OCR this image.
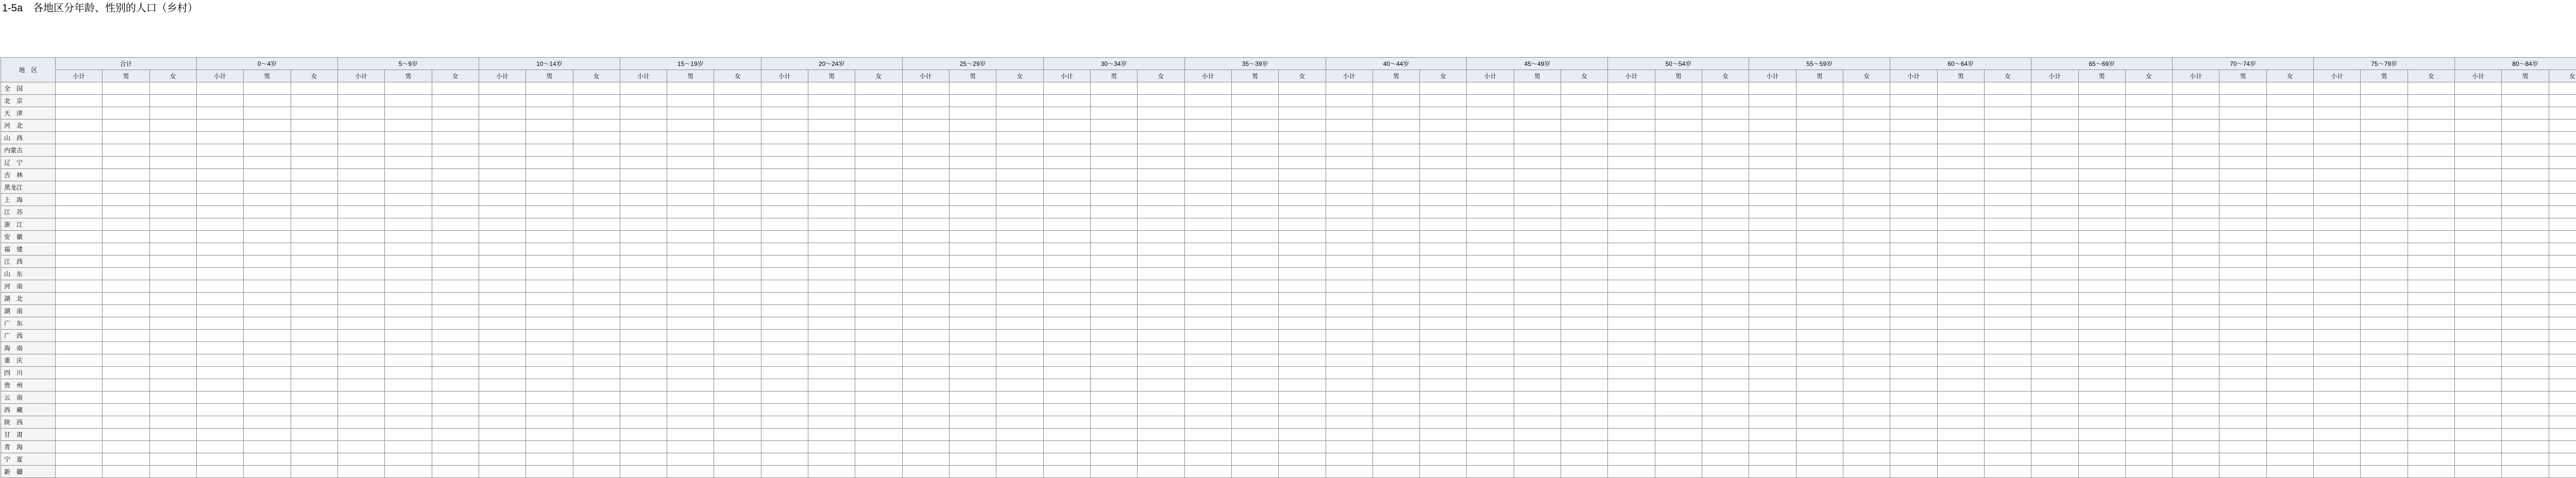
1-5a　各地区分年龄、性别的人口（乡村）
地　区	合计	0～4岁	5～9岁	10～14岁	15～19岁	20～24岁	25～29岁	30～34岁	35～39岁	40～44岁	45～49岁	50～54岁	55～59岁	60～64岁	65～69岁	70～74岁	75～79岁	80～84岁				
小计	男	女	小计	男	女	小计	男	女	小计	男	女	小计	男	女	小计	男	女	小计	男	女	小计	男	女	小计	男	女	小计	男	女	小计	男	女	小计	男	女	小计	男	女	小计	男	女	小计	男	女	小计	男	女	小计	男	女	小计	男	女												
全　国																																																																		
北　京																																																																		
天　津																																																																		
河　北																																																																		
山　西																																																																		
内蒙古																																																																		
辽　宁																																																																		
吉　林																																																																		
黑龙江																																																																		
上　海																																																																		
江　苏																																																																		
浙　江																																																																		
安　徽																																																																		
福　建																																																																		
江　西																																																																		
山　东																																																																		
河　南																																																																		
湖　北																																																																		
湖　南																																																																		
广　东																																																																		
广　西																																																																		
海　南																																																																		
重　庆																																																																		
四　川																																																																		
贵　州																																																																		
云　南																																																																		
西　藏																																																																		
陕　西																																																																		
甘　肃																																																																		
青　海																																																																		
宁　夏																																																																		
新　疆																																																																		
